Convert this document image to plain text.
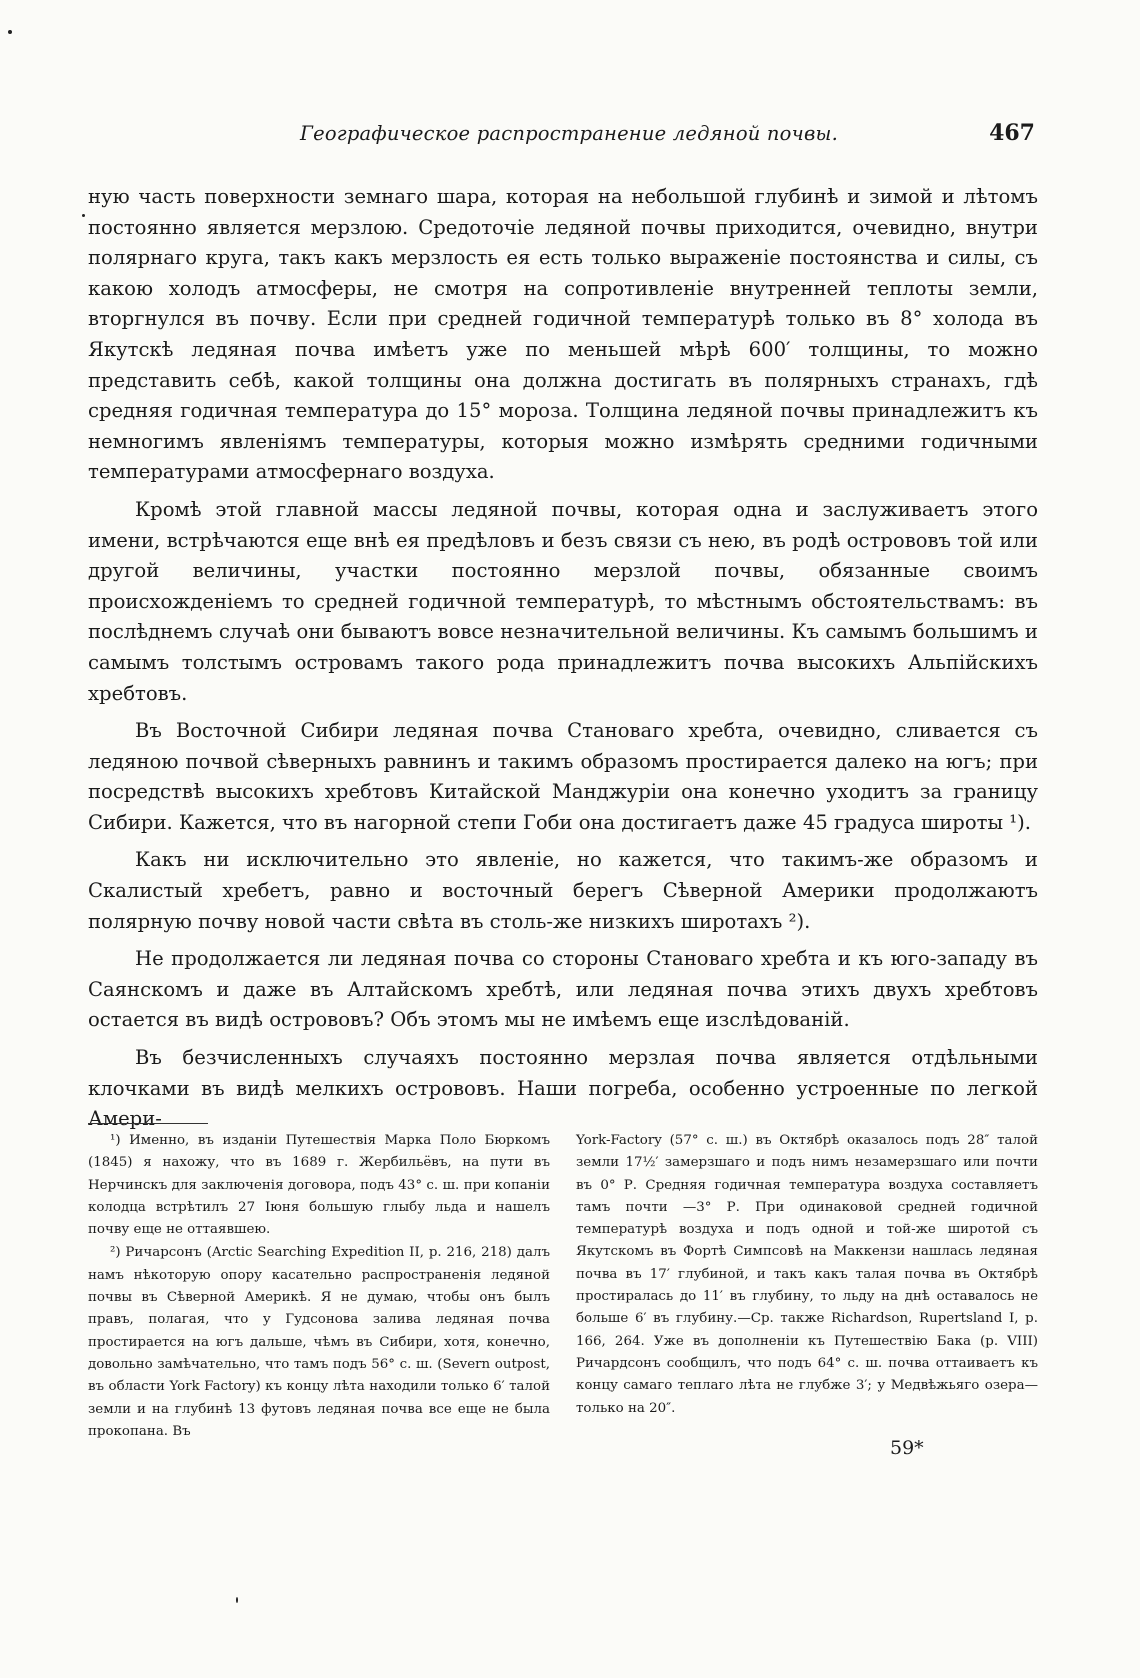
Географическое распространение ледяной почвы.	467

ную часть поверхности земнаго шара, которая на небольшой глубинѣ и зимой и лѣтомъ постоянно является мерзлою. Средоточіе ледяной почвы приходится, очевидно, внутри полярнаго круга, такъ какъ мерзлость ея есть только выраженіе постоянства и силы, съ какою холодъ атмосферы, не смотря на сопротивленіе внутренней теплоты земли, вторгнулся въ почву. Если при средней годичной температурѣ только въ 8° холода въ Якутскѣ ледяная почва имѣетъ уже по меньшей мѣрѣ 600′ толщины, то можно представить себѣ, какой толщины она должна достигать въ полярныхъ странахъ, гдѣ средняя годичная температура до 15° мороза. Толщина ледяной почвы принадлежитъ къ немногимъ явленіямъ температуры, которыя можно измѣрять средними годичными температурами атмосфернаго воздуха.

Кромѣ этой главной массы ледяной почвы, которая одна и заслуживаетъ этого имени, встрѣчаются еще внѣ ея предѣловъ и безъ связи съ нею, въ родѣ острововъ той или другой величины, участки постоянно мерзлой почвы, обязанные своимъ происхожденіемъ то средней годичной температурѣ, то мѣстнымъ обстоятельствамъ: въ послѣднемъ случаѣ они бываютъ вовсе незначительной величины. Къ самымъ большимъ и самымъ толстымъ островамъ такого рода принадлежитъ почва высокихъ Альпійскихъ хребтовъ.

Въ Восточной Сибири ледяная почва Становаго хребта, очевидно, сливается съ ледяною почвой сѣверныхъ равнинъ и такимъ образомъ простирается далеко на югъ; при посредствѣ высокихъ хребтовъ Китайской Манджуріи она конечно уходитъ за границу Сибири. Кажется, что въ нагорной степи Гоби она достигаетъ даже 45 градуса широты ¹).

Какъ ни исключительно это явленіе, но кажется, что такимъ-же образомъ и Скалистый хребетъ, равно и восточный берегъ Сѣверной Америки продолжаютъ полярную почву новой части свѣта въ столь-же низкихъ широтахъ ²).

Не продолжается ли ледяная почва со стороны Становаго хребта и къ юго-западу въ Саянскомъ и даже въ Алтайскомъ хребтѣ, или ледяная почва этихъ двухъ хребтовъ остается въ видѣ острововъ? Объ этомъ мы не имѣемъ еще изслѣдованій.

Въ безчисленныхъ случаяхъ постоянно мерзлая почва является отдѣльными клочками въ видѣ мелкихъ острововъ. Наши погреба, особенно устроенные по легкой Амери-

¹) Именно, въ изданіи Путешествія Марка Поло Бюркомъ (1845) я нахожу, что въ 1689 г. Жербильёвъ, на пути въ Нерчинскъ для заключенія договора, подъ 43° с. ш. при копаніи колодца встрѣтилъ 27 Іюня большую глыбу льда и нашелъ почву еще не оттаявшею.

²) Ричарсонъ (Arctic Searching Expedition II, p. 216, 218) далъ намъ нѣкоторую опору касательно распространенія ледяной почвы въ Сѣверной Америкѣ. Я не думаю, чтобы онъ былъ правъ, полагая, что у Гудсонова залива ледяная почва простирается на югъ дальше, чѣмъ въ Сибири, хотя, конечно, довольно замѣчательно, что тамъ подъ 56° с. ш. (Severn outpost, въ области York Factory) къ концу лѣта находили только 6′ талой земли и на глубинѣ 13 футовъ ледяная почва все еще не была прокопана. Въ

York-Factory (57° с. ш.) въ Октябрѣ оказалось подъ 28″ талой земли 17½′ замерзшаго и подъ нимъ незамерзшаго или почти въ 0° Р. Средняя годичная температура воздуха составляетъ тамъ почти —3° Р. При одинаковой средней годичной температурѣ воздуха и подъ одной и той-же широтой съ Якутскомъ въ Фортѣ Симпсовѣ на Маккензи нашлась ледяная почва въ 17′ глубиной, и такъ какъ талая почва въ Октябрѣ простиралась до 11′ въ глубину, то льду на днѣ оставалось не больше 6′ въ глубину.—Ср. также Richardson, Rupertsland I, p. 166, 264. Уже въ дополненіи къ Путешествію Бака (p. VIII) Ричардсонъ сообщилъ, что подъ 64° с. ш. почва оттаиваетъ къ концу самаго теплаго лѣта не глубже 3′; у Медвѣжьяго озера—только на 20″.

59*
